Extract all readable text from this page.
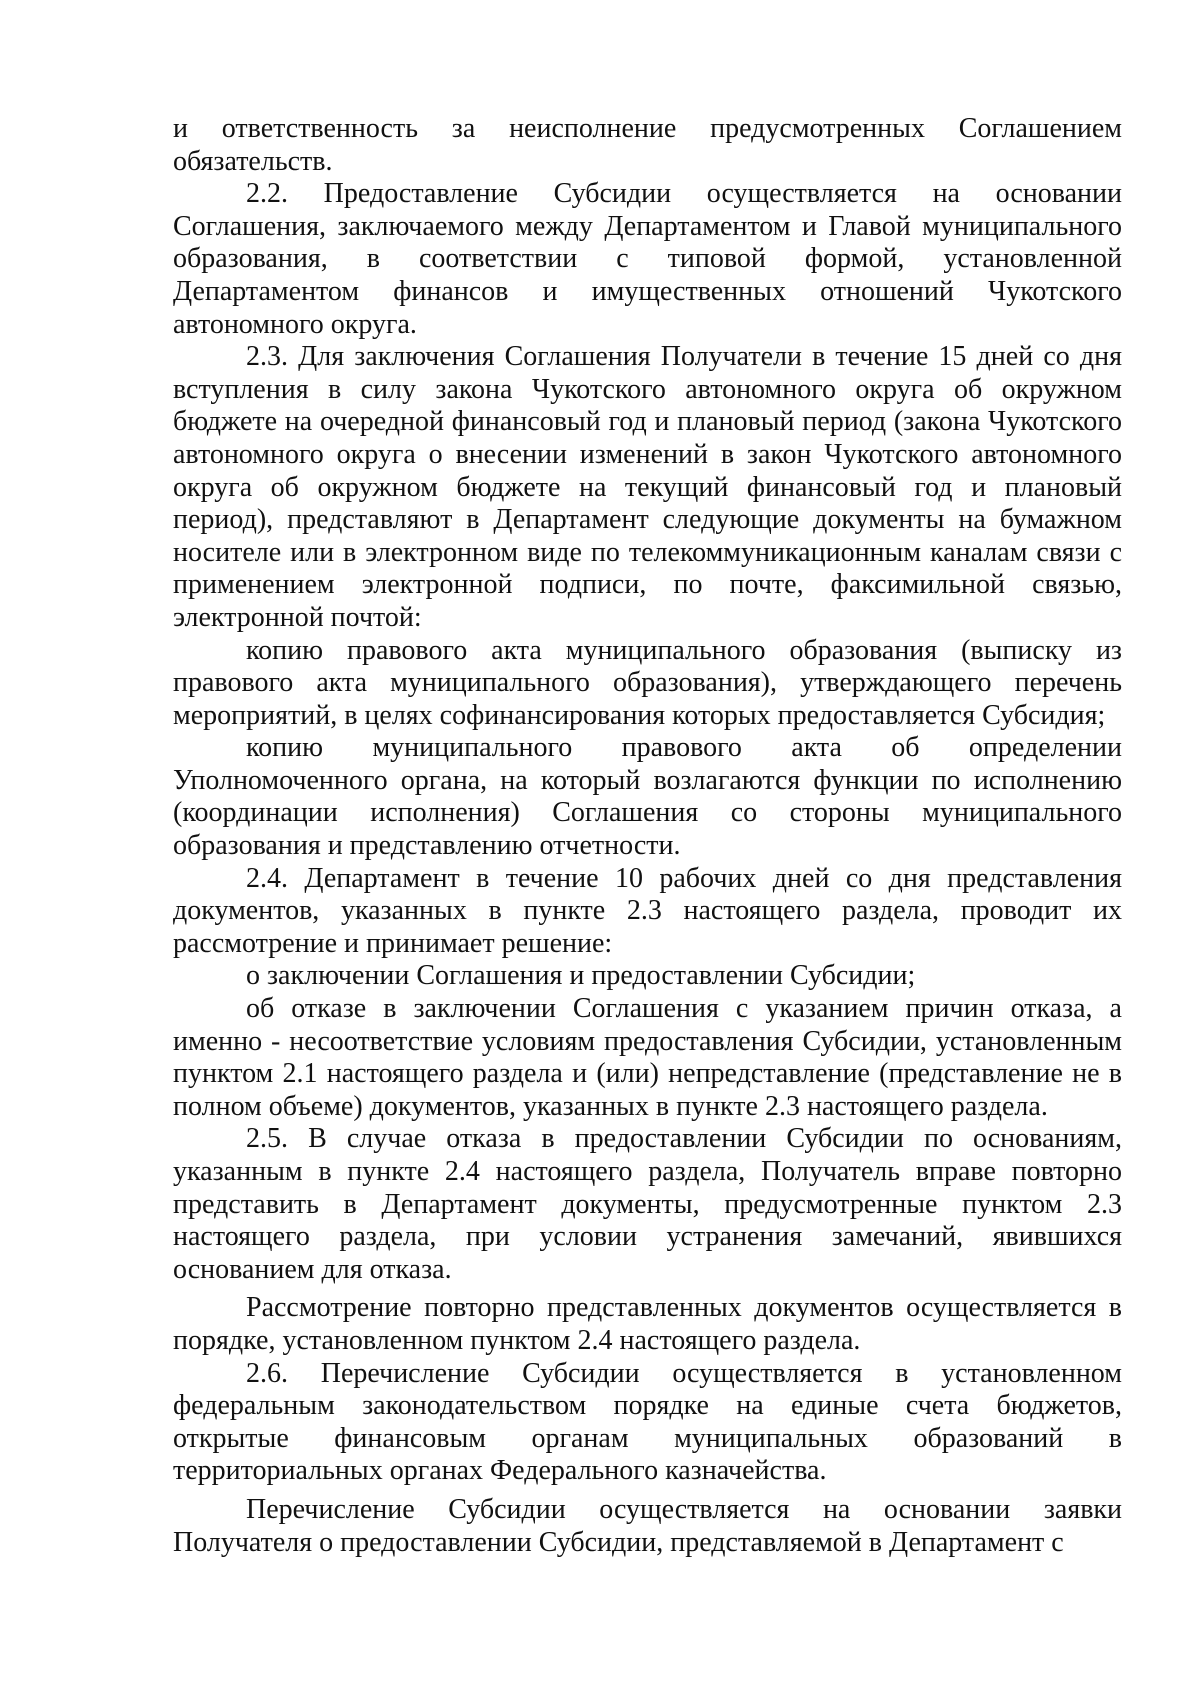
и ответственность за неисполнение предусмотренных Соглашением обязательств.

2.2. Предоставление Субсидии осуществляется на основании Соглашения, заключаемого между Департаментом и Главой муниципального образования, в соответствии с типовой формой, установленной Департаментом финансов и имущественных отношений Чукотского автономного округа.

2.3. Для заключения Соглашения Получатели в течение 15 дней со дня вступления в силу закона Чукотского автономного округа об окружном бюджете на очередной финансовый год и плановый период (закона Чукотского автономного округа о внесении изменений в закон Чукотского автономного округа об окружном бюджете на текущий финансовый год и плановый период), представляют в Департамент следующие документы на бумажном носителе или в электронном виде по телекоммуникационным каналам связи с применением электронной подписи, по почте, факсимильной связью, электронной почтой:

копию правового акта муниципального образования (выписку из правового акта муниципального образования), утверждающего перечень мероприятий, в целях софинансирования которых предоставляется Субсидия;

копию муниципального правового акта об определении Уполномоченного органа, на который возлагаются функции по исполнению (координации исполнения) Соглашения со стороны муниципального образования и представлению отчетности.

2.4. Департамент в течение 10 рабочих дней со дня представления документов, указанных в пункте 2.3 настоящего раздела, проводит их рассмотрение и принимает решение:

о заключении Соглашения и предоставлении Субсидии;

об отказе в заключении Соглашения с указанием причин отказа, а именно - несоответствие условиям предоставления Субсидии, установленным пунктом 2.1 настоящего раздела и (или) непредставление (представление не в полном объеме) документов, указанных в пункте 2.3 настоящего раздела.

2.5. В случае отказа в предоставлении Субсидии по основаниям, указанным в пункте 2.4 настоящего раздела, Получатель вправе повторно представить в Департамент документы, предусмотренные пунктом 2.3 настоящего раздела, при условии устранения замечаний, явившихся основанием для отказа.

Рассмотрение повторно представленных документов осуществляется в порядке, установленном пунктом 2.4 настоящего раздела.

2.6. Перечисление Субсидии осуществляется в установленном федеральным законодательством порядке на единые счета бюджетов, открытые финансовым органам муниципальных образований в территориальных органах Федерального казначейства.

Перечисление Субсидии осуществляется на основании заявки Получателя о предоставлении Субсидии, представляемой в Департамент с
